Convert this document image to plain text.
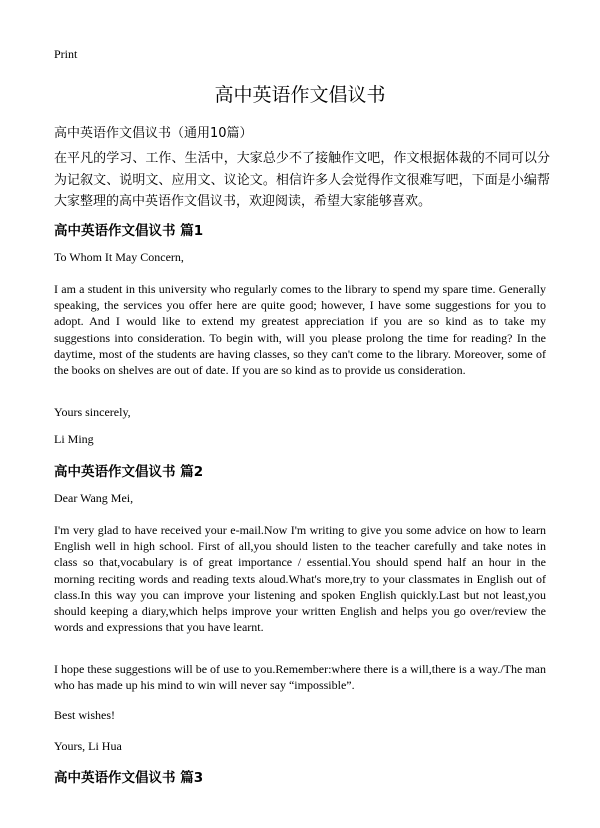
Print
高中英语作文倡议书
高中英语作文倡议书（通用10篇）
在平凡的学习、工作、生活中，大家总少不了接触作文吧，作文根据体裁的不同可以分为记叙文、说明文、应用文、议论文。相信许多人会觉得作文很难写吧，下面是小编帮大家整理的高中英语作文倡议书，欢迎阅读，希望大家能够喜欢。
高中英语作文倡议书 篇1
To Whom It May Concern,
I am a student in this university who regularly comes to the library to spend my spare time. Generally speaking, the services you offer here are quite good; however, I have some suggestions for you to adopt. And I would like to extend my greatest appreciation if you are so kind as to take my suggestions into consideration. To begin with, will you please prolong the time for reading? In the daytime, most of the students are having classes, so they can't come to the library. Moreover, some of the books on shelves are out of date. If you are so kind as to provide us consideration.
Yours sincerely,
Li Ming
高中英语作文倡议书 篇2
Dear Wang Mei,
I'm very glad to have received your e-mail.Now I'm writing to give you some advice on how to learn English well in high school. First of all,you should listen to the teacher carefully and take notes in class so that,vocabulary is of great importance / essential.You should spend half an hour in the morning reciting words and reading texts aloud.What's more,try to your classmates in English out of class.In this way you can improve your listening and spoken English quickly.Last but not least,you should keeping a diary,which helps improve your written English and helps you go over/review the words and expressions that you have learnt.
I hope these suggestions will be of use to you.Remember:where there is a will,there is a way./The man who has made up his mind to win will never say “impossible”.
Best wishes!
Yours, Li Hua
高中英语作文倡议书 篇3
